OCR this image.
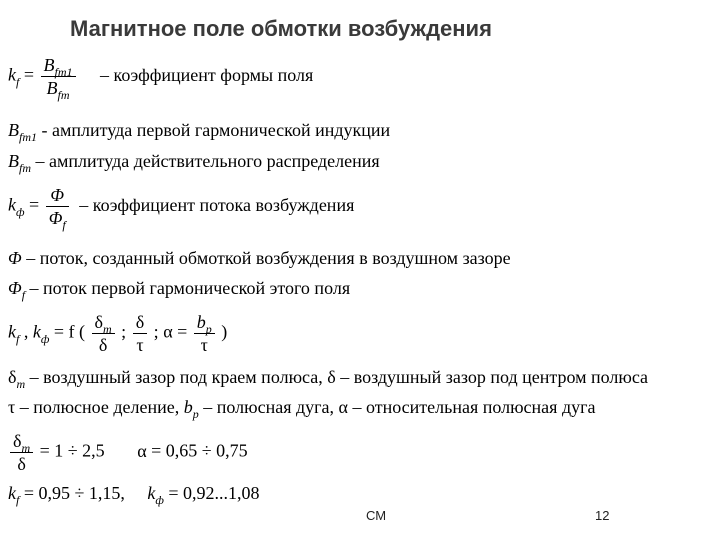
Магнитное поле обмотки возбуждения
$k_f = \frac{B_{fm1}}{B_{fm}}$ – коэффициент формы поля
$B_{fm1}$ - амплитуда первой гармонической индукции
$B_{fm}$ – амплитуда действительного распределения
$k_ф = \frac{\Phi}{\Phi_f}$ – коэффициент потока возбуждения
Φ – поток, созданный обмоткой возбуждения в воздушном зазоре
$\Phi_f$ – поток первой гармонической этого поля
$k_f$ , $k_ф = f$ ( $\frac{\delta_m}{\delta}$ ; $\frac{\delta}{\tau}$ ; $\alpha = \frac{b_p}{\tau}$ )
$\delta_m$ – воздушный зазор под краем полюса, δ – воздушный зазор под центром полюса
τ – полюсное деление, $b_p$ – полюсная дуга, α – относительная полюсная дуга
$\frac{\delta_m}{\delta} = 1 \div 2,5$ α = 0,65 ÷ 0,75
$k_f = 0,95 \div 1,15$, $k_ф = 0,92...1,08$
СМ	12
